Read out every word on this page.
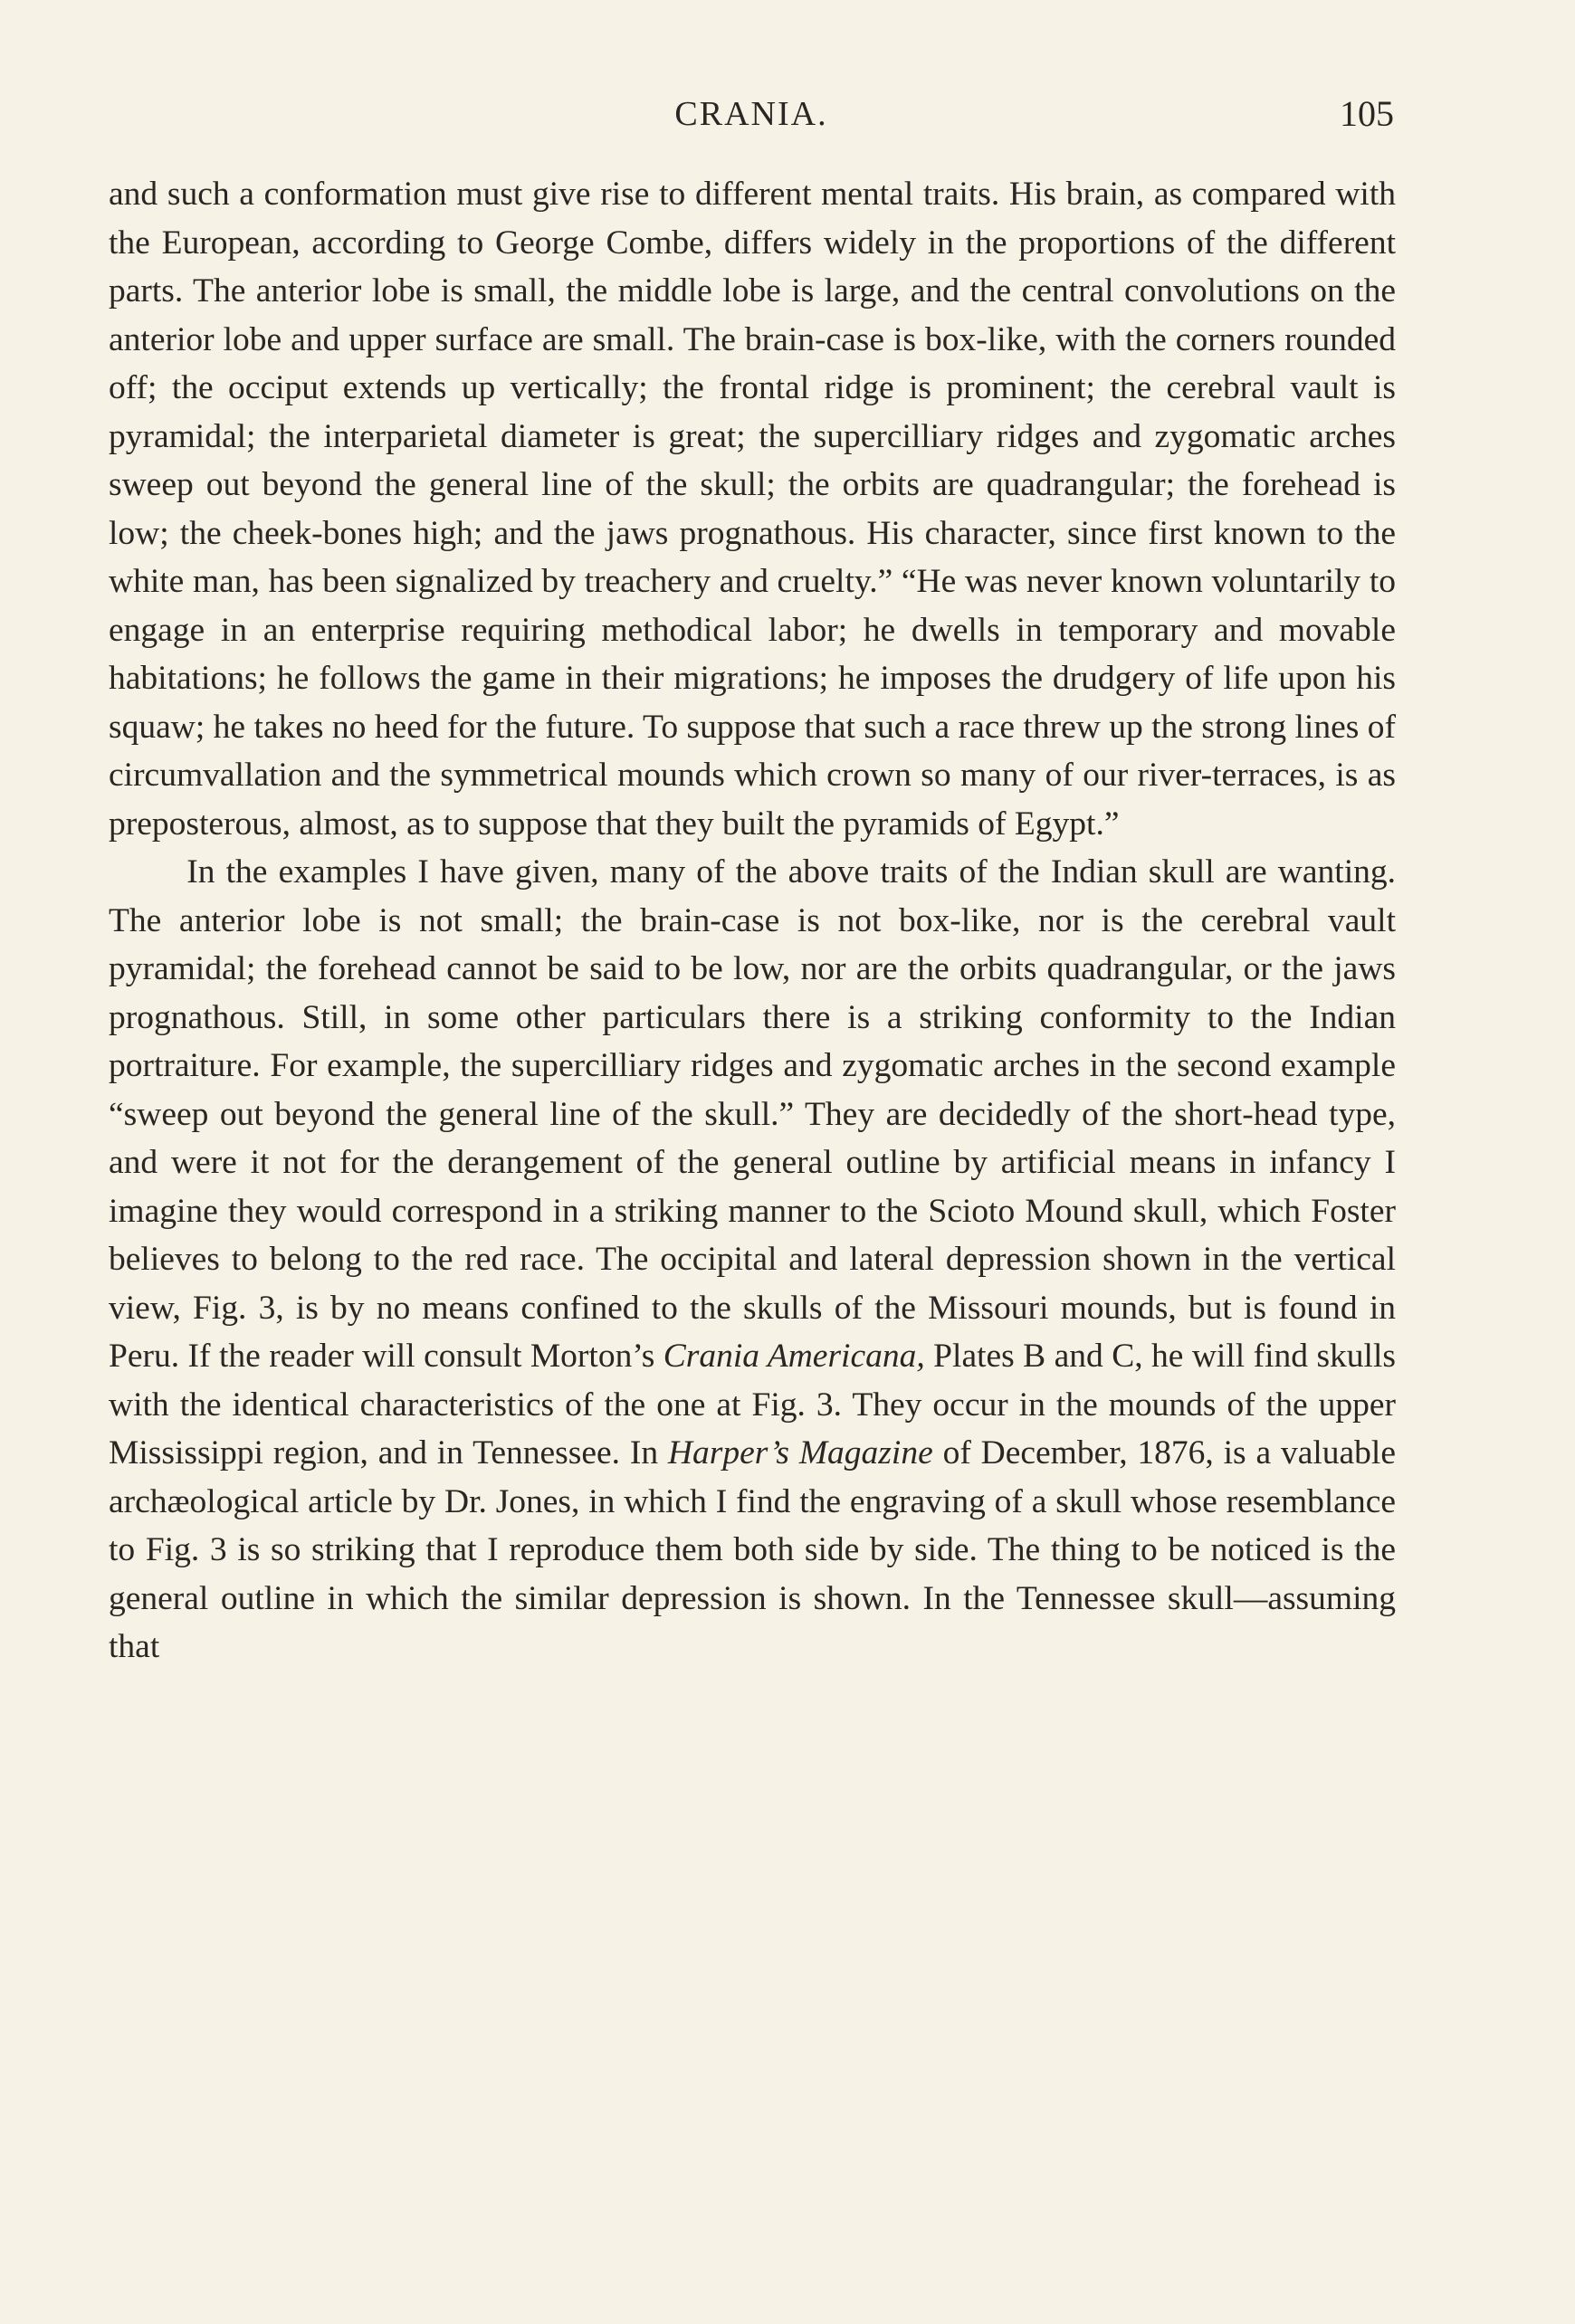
CRANIA.	105

and such a conformation must give rise to different mental traits. His brain, as compared with the European, according to George Combe, differs widely in the proportions of the different parts. The anterior lobe is small, the middle lobe is large, and the central convolutions on the anterior lobe and upper surface are small. The brain-case is box-like, with the corners rounded off; the occiput extends up vertically; the frontal ridge is prominent; the cerebral vault is pyramidal; the interparietal diameter is great; the supercilliary ridges and zygomatic arches sweep out beyond the general line of the skull; the orbits are quadrangular; the forehead is low; the cheek-bones high; and the jaws prognathous. His character, since first known to the white man, has been signalized by treachery and cruelty.” “He was never known voluntarily to engage in an enterprise requiring methodical labor; he dwells in temporary and movable habitations; he follows the game in their migrations; he imposes the drudgery of life upon his squaw; he takes no heed for the future. To suppose that such a race threw up the strong lines of circumvallation and the symmetrical mounds which crown so many of our river-terraces, is as preposterous, almost, as to suppose that they built the pyramids of Egypt.”

In the examples I have given, many of the above traits of the Indian skull are wanting. The anterior lobe is not small; the brain-case is not box-like, nor is the cerebral vault pyramidal; the forehead cannot be said to be low, nor are the orbits quadrangular, or the jaws prognathous. Still, in some other particulars there is a striking conformity to the Indian portraiture. For example, the supercilliary ridges and zygomatic arches in the second example “sweep out beyond the general line of the skull.” They are decidedly of the short-head type, and were it not for the derangement of the general outline by artificial means in infancy I imagine they would correspond in a striking manner to the Scioto Mound skull, which Foster believes to belong to the red race. The occipital and lateral depression shown in the vertical view, Fig. 3, is by no means confined to the skulls of the Missouri mounds, but is found in Peru. If the reader will consult Morton’s Crania Americana, Plates B and C, he will find skulls with the identical characteristics of the one at Fig. 3. They occur in the mounds of the upper Mississippi region, and in Tennessee. In Harper’s Magazine of December, 1876, is a valuable archæological article by Dr. Jones, in which I find the engraving of a skull whose resemblance to Fig. 3 is so striking that I reproduce them both side by side. The thing to be noticed is the general outline in which the similar depression is shown. In the Tennessee skull—assuming that
